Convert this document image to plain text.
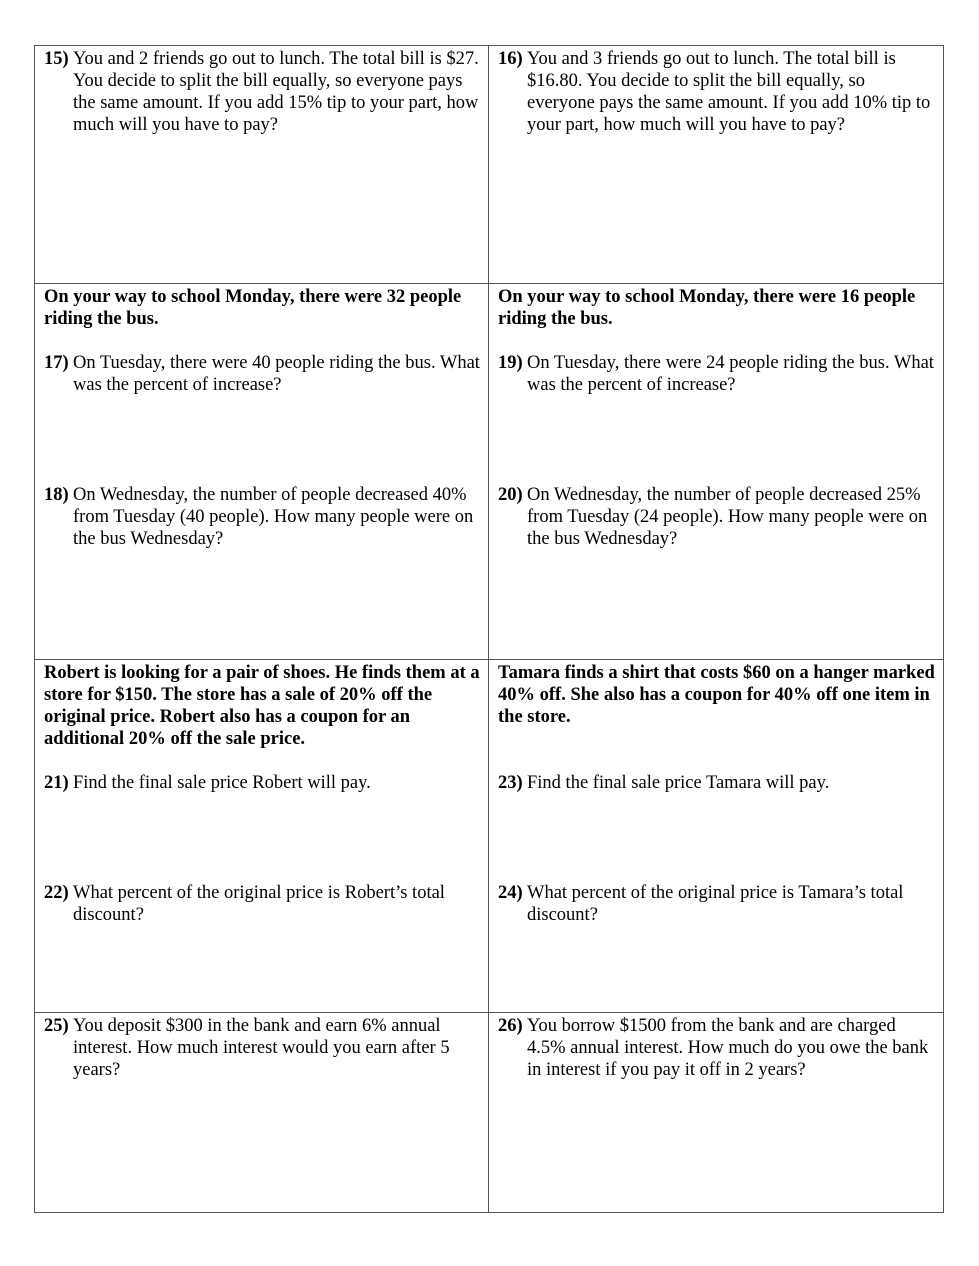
15) You and 2 friends go out to lunch. The total bill is $27. You decide to split the bill equally, so everyone pays the same amount. If you add 15% tip to your part, how much will you have to pay?
16) You and 3 friends go out to lunch. The total bill is $16.80. You decide to split the bill equally, so everyone pays the same amount. If you add 10% tip to your part, how much will you have to pay?
On your way to school Monday, there were 32 people riding the bus.
17) On Tuesday, there were 40 people riding the bus. What was the percent of increase?
18) On Wednesday, the number of people decreased 40% from Tuesday (40 people). How many people were on the bus Wednesday?
On your way to school Monday, there were 16 people riding the bus.
19) On Tuesday, there were 24 people riding the bus. What was the percent of increase?
20) On Wednesday, the number of people decreased 25% from Tuesday (24 people). How many people were on the bus Wednesday?
Robert is looking for a pair of shoes. He finds them at a store for $150. The store has a sale of 20% off the original price. Robert also has a coupon for an additional 20% off the sale price.
21) Find the final sale price Robert will pay.
22) What percent of the original price is Robert’s total discount?
Tamara finds a shirt that costs $60 on a hanger marked 40% off. She also has a coupon for 40% off one item in the store.
23) Find the final sale price Tamara will pay.
24) What percent of the original price is Tamara’s total discount?
25) You deposit $300 in the bank and earn 6% annual interest. How much interest would you earn after 5 years?
26) You borrow $1500 from the bank and are charged 4.5% annual interest. How much do you owe the bank in interest if you pay it off in 2 years?
